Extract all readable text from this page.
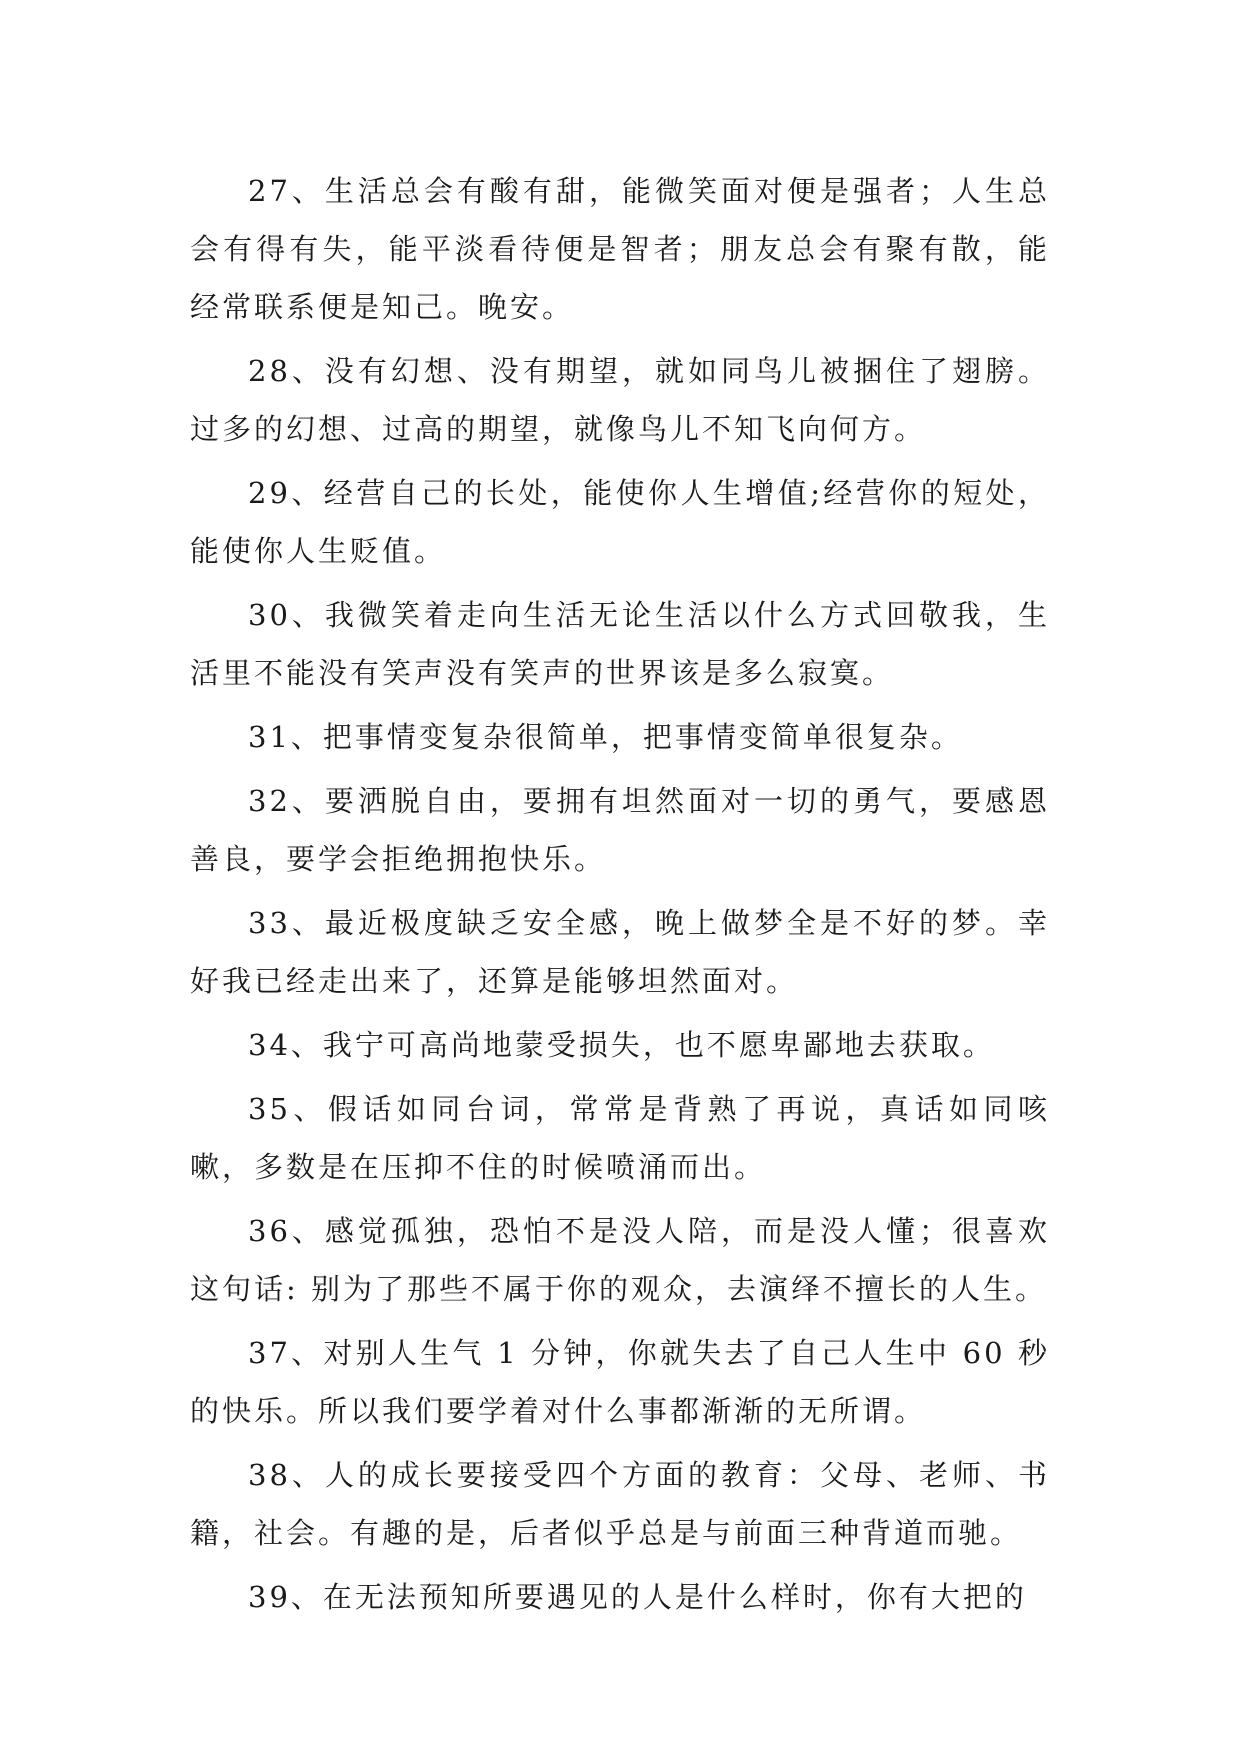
27、生活总会有酸有甜，能微笑面对便是强者；人生总会有得有失，能平淡看待便是智者；朋友总会有聚有散，能经常联系便是知己。晚安。

28、没有幻想、没有期望，就如同鸟儿被捆住了翅膀。过多的幻想、过高的期望，就像鸟儿不知飞向何方。

29、经营自己的长处，能使你人生增值;经营你的短处，能使你人生贬值。

30、我微笑着走向生活无论生活以什么方式回敬我，生活里不能没有笑声没有笑声的世界该是多么寂寞。

31、把事情变复杂很简单，把事情变简单很复杂。

32、要洒脱自由，要拥有坦然面对一切的勇气，要感恩善良，要学会拒绝拥抱快乐。

33、最近极度缺乏安全感，晚上做梦全是不好的梦。幸好我已经走出来了，还算是能够坦然面对。

34、我宁可高尚地蒙受损失，也不愿卑鄙地去获取。

35、假话如同台词，常常是背熟了再说，真话如同咳嗽，多数是在压抑不住的时候喷涌而出。

36、感觉孤独，恐怕不是没人陪，而是没人懂；很喜欢这句话: 别为了那些不属于你的观众，去演绎不擅长的人生。

37、对别人生气 1 分钟，你就失去了自己人生中 60 秒的快乐。所以我们要学着对什么事都渐渐的无所谓。

38、人的成长要接受四个方面的教育：父母、老师、书籍，社会。有趣的是，后者似乎总是与前面三种背道而驰。

39、在无法预知所要遇见的人是什么样时，你有大把的
